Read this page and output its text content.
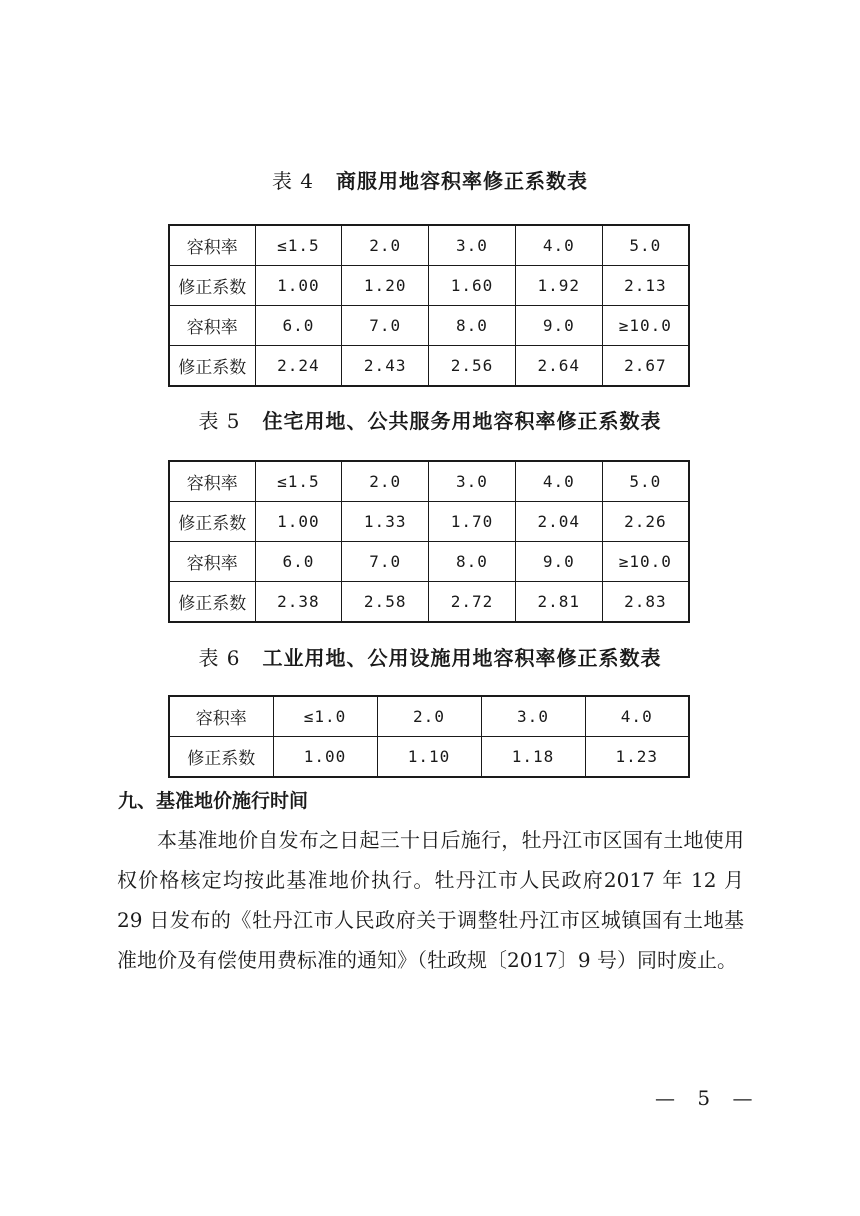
表 4 商服用地容积率修正系数表
容积率	≤1.5	2.0	3.0	4.0	5.0
修正系数	1.00	1.20	1.60	1.92	2.13
容积率	6.0	7.0	8.0	9.0	≥10.0
修正系数	2.24	2.43	2.56	2.64	2.67
表 5 住宅用地、公共服务用地容积率修正系数表
容积率	≤1.5	2.0	3.0	4.0	5.0
修正系数	1.00	1.33	1.70	2.04	2.26
容积率	6.0	7.0	8.0	9.0	≥10.0
修正系数	2.38	2.58	2.72	2.81	2.83
表 6 工业用地、公用设施用地容积率修正系数表
容积率	≤1.0	2.0	3.0	4.0
修正系数	1.00	1.10	1.18	1.23
九、基准地价施行时间

本基准地价自发布之日起三十日后施行，牡丹江市区国有土地使用权价格核定均按此基准地价执行。牡丹江市人民政府2017 年 12 月 29 日发布的《牡丹江市人民政府关于调整牡丹江市区城镇国有土地基准地价及有偿使用费标准的通知》（牡政规〔2017〕9 号）同时废止。

— 5 —
